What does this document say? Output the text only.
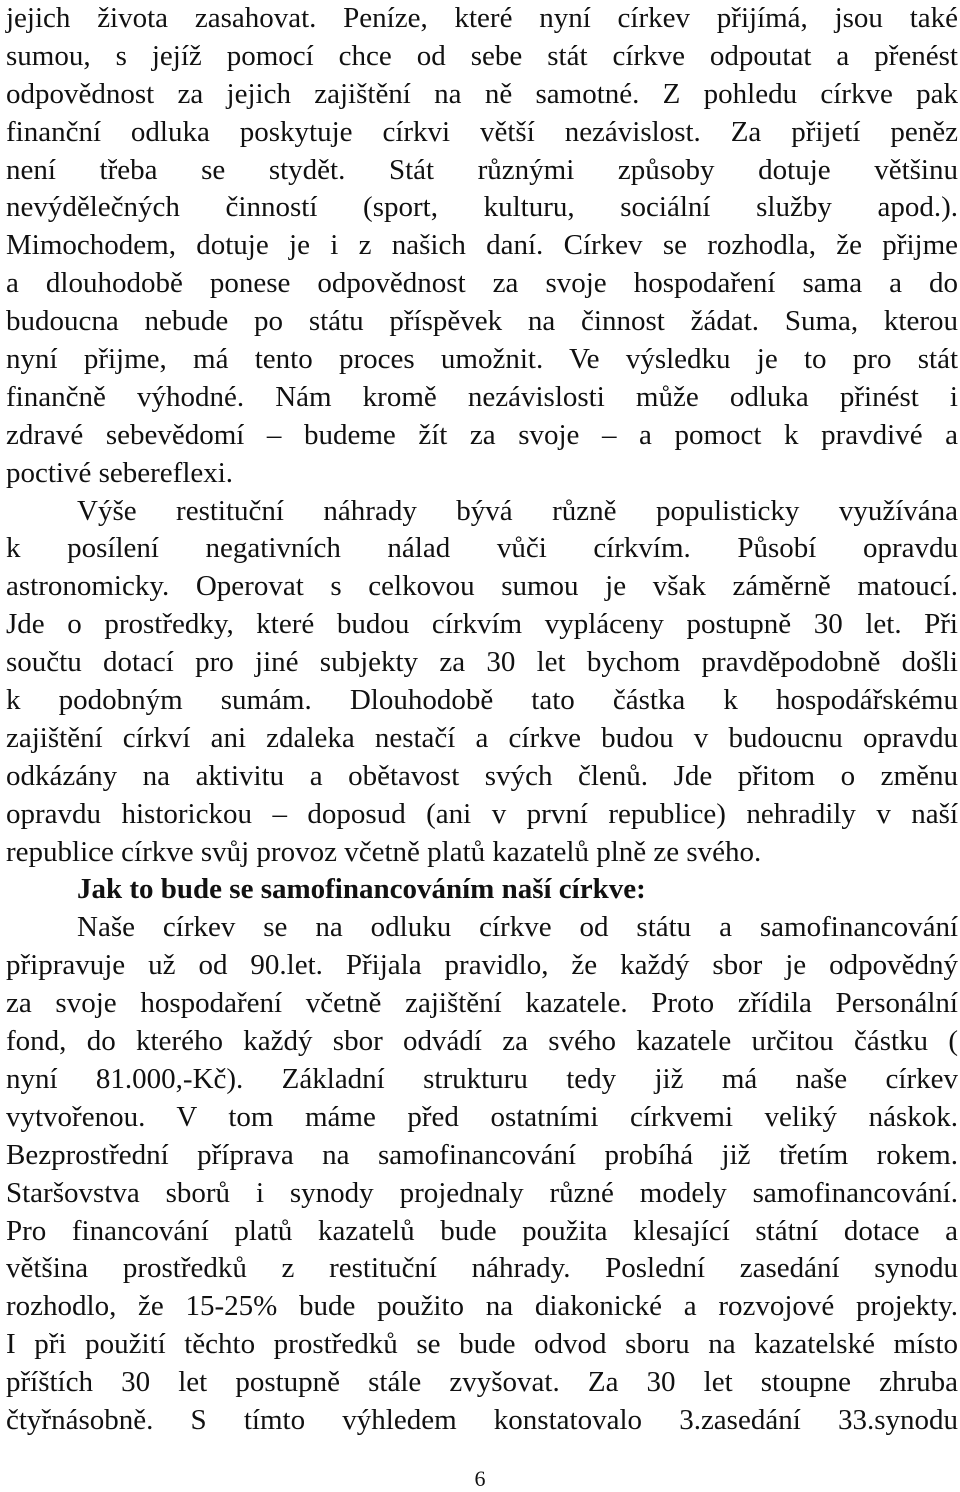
jejich života zasahovat. Peníze, které nyní církev přijímá, jsou také
sumou, s jejíž pomocí chce od sebe stát církve odpoutat a přenést
odpovědnost za jejich zajištění na ně samotné. Z pohledu církve pak
finanční odluka poskytuje církvi větší nezávislost. Za přijetí peněz
není třeba se stydět. Stát různými způsoby dotuje většinu
nevýdělečných činností (sport, kulturu, sociální služby apod.).
Mimochodem, dotuje je i z našich daní. Církev se rozhodla, že přijme
a dlouhodobě ponese odpovědnost za svoje hospodaření sama a do
budoucna nebude po státu příspěvek na činnost žádat. Suma, kterou
nyní přijme, má tento proces umožnit. Ve výsledku je to pro stát
finančně výhodné. Nám kromě nezávislosti může odluka přinést i
zdravé sebevědomí – budeme žít za svoje – a pomoct k pravdivé a
poctivé sebereflexi.
Výše restituční náhrady bývá různě populisticky využívána
k posílení negativních nálad vůči církvím. Působí opravdu
astronomicky. Operovat s celkovou sumou je však záměrně matoucí.
Jde o prostředky, které budou církvím vypláceny postupně 30 let. Při
součtu dotací pro jiné subjekty za 30 let bychom pravděpodobně došli
k podobným sumám. Dlouhodobě tato částka k hospodářskému
zajištění církví ani zdaleka nestačí a církve budou v budoucnu opravdu
odkázány na aktivitu a obětavost svých členů. Jde přitom o změnu
opravdu historickou – doposud (ani v první republice) nehradily v naší
republice církve svůj provoz včetně platů kazatelů plně ze svého.
Jak to bude se samofinancováním naší církve:
Naše církev se na odluku církve od státu a samofinancování
připravuje už od 90.let. Přijala pravidlo, že každý sbor je odpovědný
za svoje hospodaření včetně zajištění kazatele. Proto zřídila Personální
fond, do kterého každý sbor odvádí za svého kazatele určitou částku (
nyní 81.000,-Kč). Základní strukturu tedy již má naše církev
vytvořenou. V tom máme před ostatními církvemi veliký náskok.
Bezprostřední příprava na samofinancování probíhá již třetím rokem.
Staršovstva sborů i synody projednaly různé modely samofinancování.
Pro financování platů kazatelů bude použita klesající státní dotace a
většina prostředků z restituční náhrady. Poslední zasedání synodu
rozhodlo, že 15-25% bude použito na diakonické a rozvojové projekty.
I při použití těchto prostředků se bude odvod sboru na kazatelské místo
příštích 30 let postupně stále zvyšovat. Za 30 let stoupne zhruba
čtyřnásobně. S tímto výhledem konstatovalo 3.zasedání 33.synodu
6
